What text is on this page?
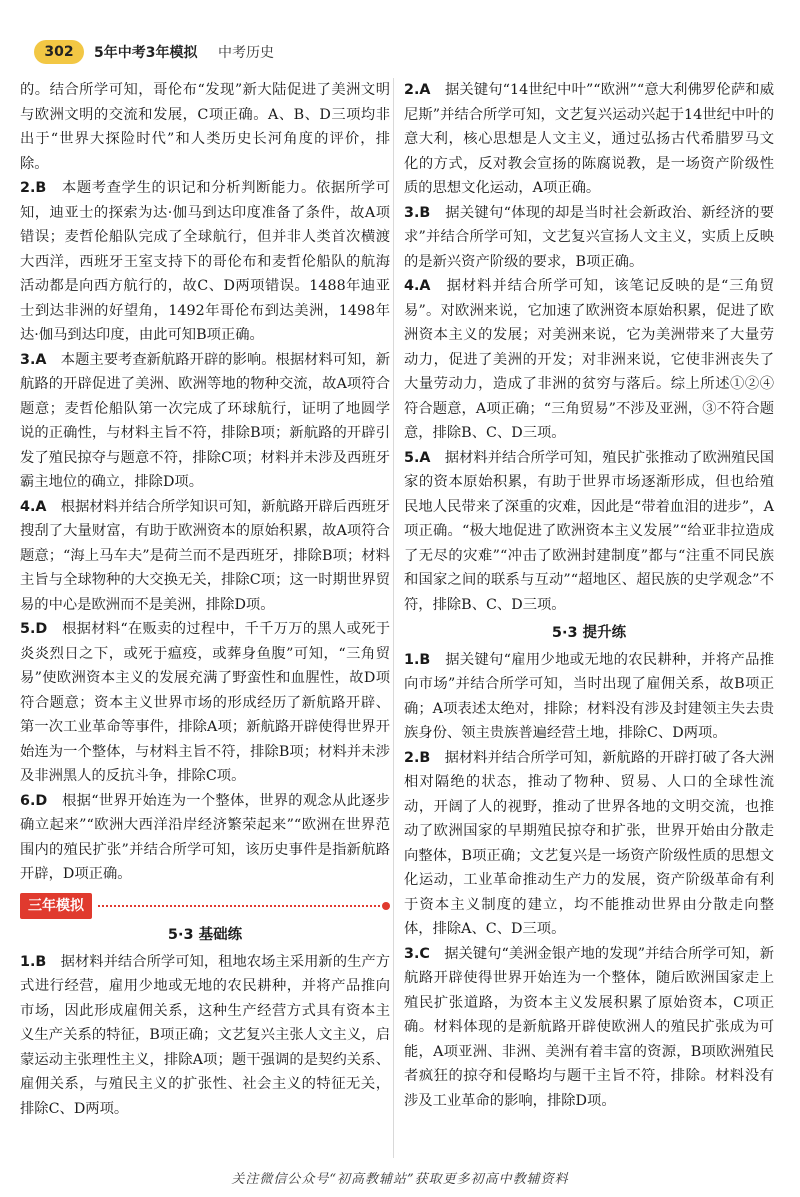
302	5年中考3年模拟 中考历史

的。结合所学可知，哥伦布“发现”新大陆促进了美洲文明与欧洲文明的交流和发展，C项正确。A、B、D三项均非出于“世界大探险时代”和人类历史长河角度的评价，排除。

2.B　 本题考查学生的识记和分析判断能力。依据所学可知，迪亚士的探索为达·伽马到达印度准备了条件，故A项错误；麦哲伦船队完成了全球航行，但并非人类首次横渡大西洋，西班牙王室支持下的哥伦布和麦哲伦船队的航海活动都是向西方航行的，故C、D两项错误。1488年迪亚士到达非洲的好望角，1492年哥伦布到达美洲，1498年达·伽马到达印度，由此可知B项正确。

3.A　 本题主要考查新航路开辟的影响。根据材料可知，新航路的开辟促进了美洲、欧洲等地的物种交流，故A项符合题意；麦哲伦船队第一次完成了环球航行，证明了地圆学说的正确性，与材料主旨不符，排除B项；新航路的开辟引发了殖民掠夺与题意不符，排除C项；材料并未涉及西班牙霸主地位的确立，排除D项。

4.A　 根据材料并结合所学知识可知，新航路开辟后西班牙搜刮了大量财富，有助于欧洲资本的原始积累，故A项符合题意；“海上马车夫”是荷兰而不是西班牙，排除B项；材料主旨与全球物种的大交换无关，排除C项；这一时期世界贸易的中心是欧洲而不是美洲，排除D项。

5.D　 根据材料“在贩卖的过程中，千千万万的黑人或死于炎炎烈日之下，或死于瘟疫，或葬身鱼腹”可知，“三角贸易”使欧洲资本主义的发展充满了野蛮性和血腥性，故D项符合题意；资本主义世界市场的形成经历了新航路开辟、第一次工业革命等事件，排除A项；新航路开辟使得世界开始连为一个整体，与材料主旨不符，排除B项；材料并未涉及非洲黑人的反抗斗争，排除C项。

6.D　 根据“世界开始连为一个整体，世界的观念从此逐步确立起来”“欧洲大西洋沿岸经济繁荣起来”“欧洲在世界范围内的殖民扩张”并结合所学可知，该历史事件是指新航路开辟，D项正确。

三年模拟
5·3 基础练

1.B　 据材料并结合所学可知，租地农场主采用新的生产方式进行经营，雇用少地或无地的农民耕种，并将产品推向市场，因此形成雇佣关系，这种生产经营方式具有资本主义生产关系的特征，B项正确；文艺复兴主张人文主义，启蒙运动主张理性主义，排除A项；题干强调的是契约关系、雇佣关系，与殖民主义的扩张性、社会主义的特征无关，排除C、D两项。

2.A　 据关键句“14世纪中叶”“欧洲”“意大利佛罗伦萨和威尼斯”并结合所学可知，文艺复兴运动兴起于14世纪中叶的意大利，核心思想是人文主义，通过弘扬古代希腊罗马文化的方式，反对教会宣扬的陈腐说教，是一场资产阶级性质的思想文化运动，A项正确。

3.B　 据关键句“体现的却是当时社会新政治、新经济的要求”并结合所学可知，文艺复兴宣扬人文主义，实质上反映的是新兴资产阶级的要求，B项正确。

4.A　 据材料并结合所学可知，该笔记反映的是“三角贸易”。对欧洲来说，它加速了欧洲资本原始积累，促进了欧洲资本主义的发展；对美洲来说，它为美洲带来了大量劳动力，促进了美洲的开发；对非洲来说，它使非洲丧失了大量劳动力，造成了非洲的贫穷与落后。综上所述①②④符合题意，A项正确；“三角贸易”不涉及亚洲，③不符合题意，排除B、C、D三项。

5.A　 据材料并结合所学可知，殖民扩张推动了欧洲殖民国家的资本原始积累，有助于世界市场逐渐形成，但也给殖民地人民带来了深重的灾难，因此是“带着血泪的进步”，A项正确。“极大地促进了欧洲资本主义发展”“给亚非拉造成了无尽的灾难”“冲击了欧洲封建制度”都与“注重不同民族和国家之间的联系与互动”“超地区、超民族的史学观念”不符，排除B、C、D三项。

5·3 提升练

1.B　 据关键句“雇用少地或无地的农民耕种，并将产品推向市场”并结合所学可知，当时出现了雇佣关系，故B项正确；A项表述太绝对，排除；材料没有涉及封建领主失去贵族身份、领主贵族普遍经营土地，排除C、D两项。

2.B　 据材料并结合所学可知，新航路的开辟打破了各大洲相对隔绝的状态，推动了物种、贸易、人口的全球性流动，开阔了人的视野，推动了世界各地的文明交流，也推动了欧洲国家的早期殖民掠夺和扩张，世界开始由分散走向整体，B项正确；文艺复兴是一场资产阶级性质的思想文化运动，工业革命推动生产力的发展，资产阶级革命有利于资本主义制度的建立，均不能推动世界由分散走向整体，排除A、C、D三项。

3.C　 据关键句“美洲金银产地的发现”并结合所学可知，新航路开辟使得世界开始连为一个整体，随后欧洲国家走上殖民扩张道路，为资本主义发展积累了原始资本，C项正确。材料体现的是新航路开辟使欧洲人的殖民扩张成为可能，A项亚洲、非洲、美洲有着丰富的资源，B项欧洲殖民者疯狂的掠夺和侵略均与题干主旨不符，排除。材料没有涉及工业革命的影响，排除D项。

关注微信公众号“初高教辅站”获取更多初高中教辅资料
